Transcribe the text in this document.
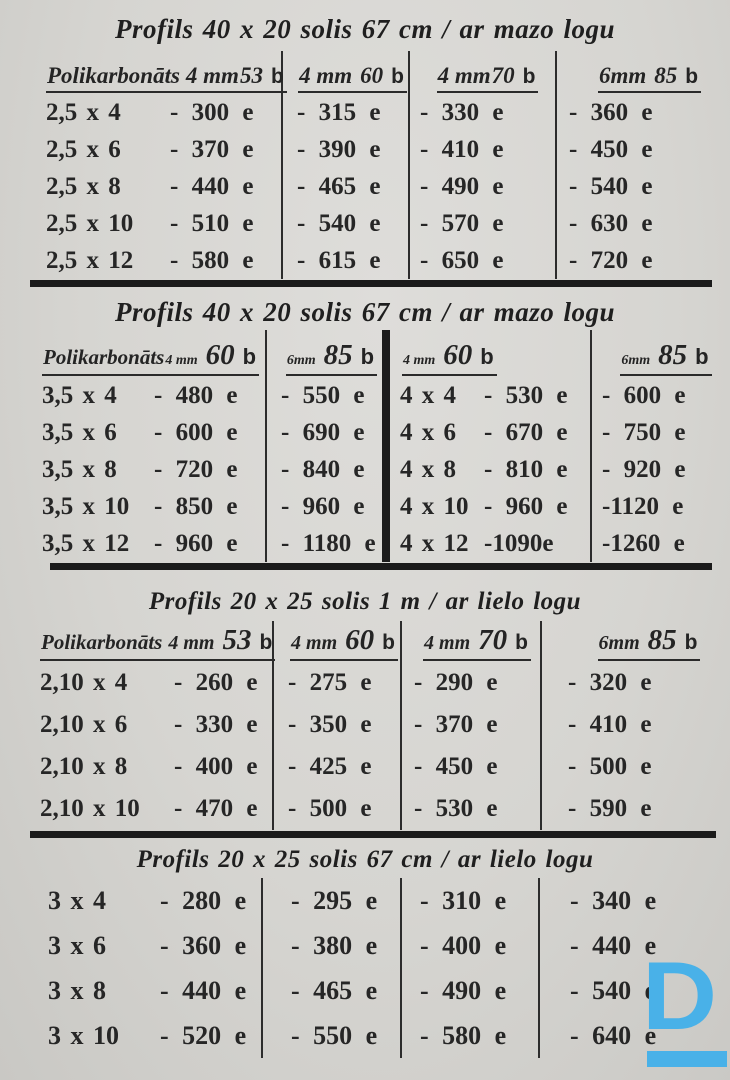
Profils 40 x 20 solis 67 cm / ar mazo logu
Polikarbonāts 4 mm53 b 4 mm 60 b 4 mm70 b	6mm 85 b
2,5 x 4	- 300 e - 315 e - 330 e	- 360 e
2,5 x 6	- 370 e - 390 e - 410 e	- 450 e
2,5 x 8	- 440 e - 465 e - 490 e	- 540 e
2,5 x 10	- 510 e - 540 e - 570 e	- 630 e
2,5 x 12	- 580 e - 615 e - 650 e	- 720 e
Profils 40 x 20 solis 67 cm / ar mazo logu
Polikarbonāts4 mm 60 b 6mm 85 b 4 mm 60 b	6mm 85 b
3,5 x 4	- 480 e - 550 e 4 x 4	- 530 e - 600 e
3,5 x 6	- 600 e - 690 e 4 x 6	- 670 e - 750 e
3,5 x 8	- 720 e - 840 e 4 x 8	- 810 e - 920 e
3,5 x 10 - 850 e - 960 e 4 x 10 - 960 e -1120 e
3,5 x 12 - 960 e - 1180 e 4 x 12 -1090e -1260 e
Profils 20 x 25 solis 1 m / ar lielo logu
Polikarbonāts 4 mm 53 b 4 mm 60 b 4 mm 70 b	6mm 85 b
2,10 x 4	- 260 e - 275 e - 290 e	- 320 e
2,10 x 6	- 330 e - 350 e - 370 e	- 410 e
2,10 x 8	- 400 e - 425 e - 450 e	- 500 e
2,10 x 10	- 470 e - 500 e - 530 e	- 590 e
Profils 20 x 25 solis 67 cm / ar lielo logu
3 x 4	- 280 e - 295 e - 310 e - 340 e
3 x 6	- 360 e - 380 e - 400 e - 440 e
3 x 8	- 440 e - 465 e - 490 e - 540 e
3 x 10	- 520 e - 550 e - 580 e - 640 e
D
